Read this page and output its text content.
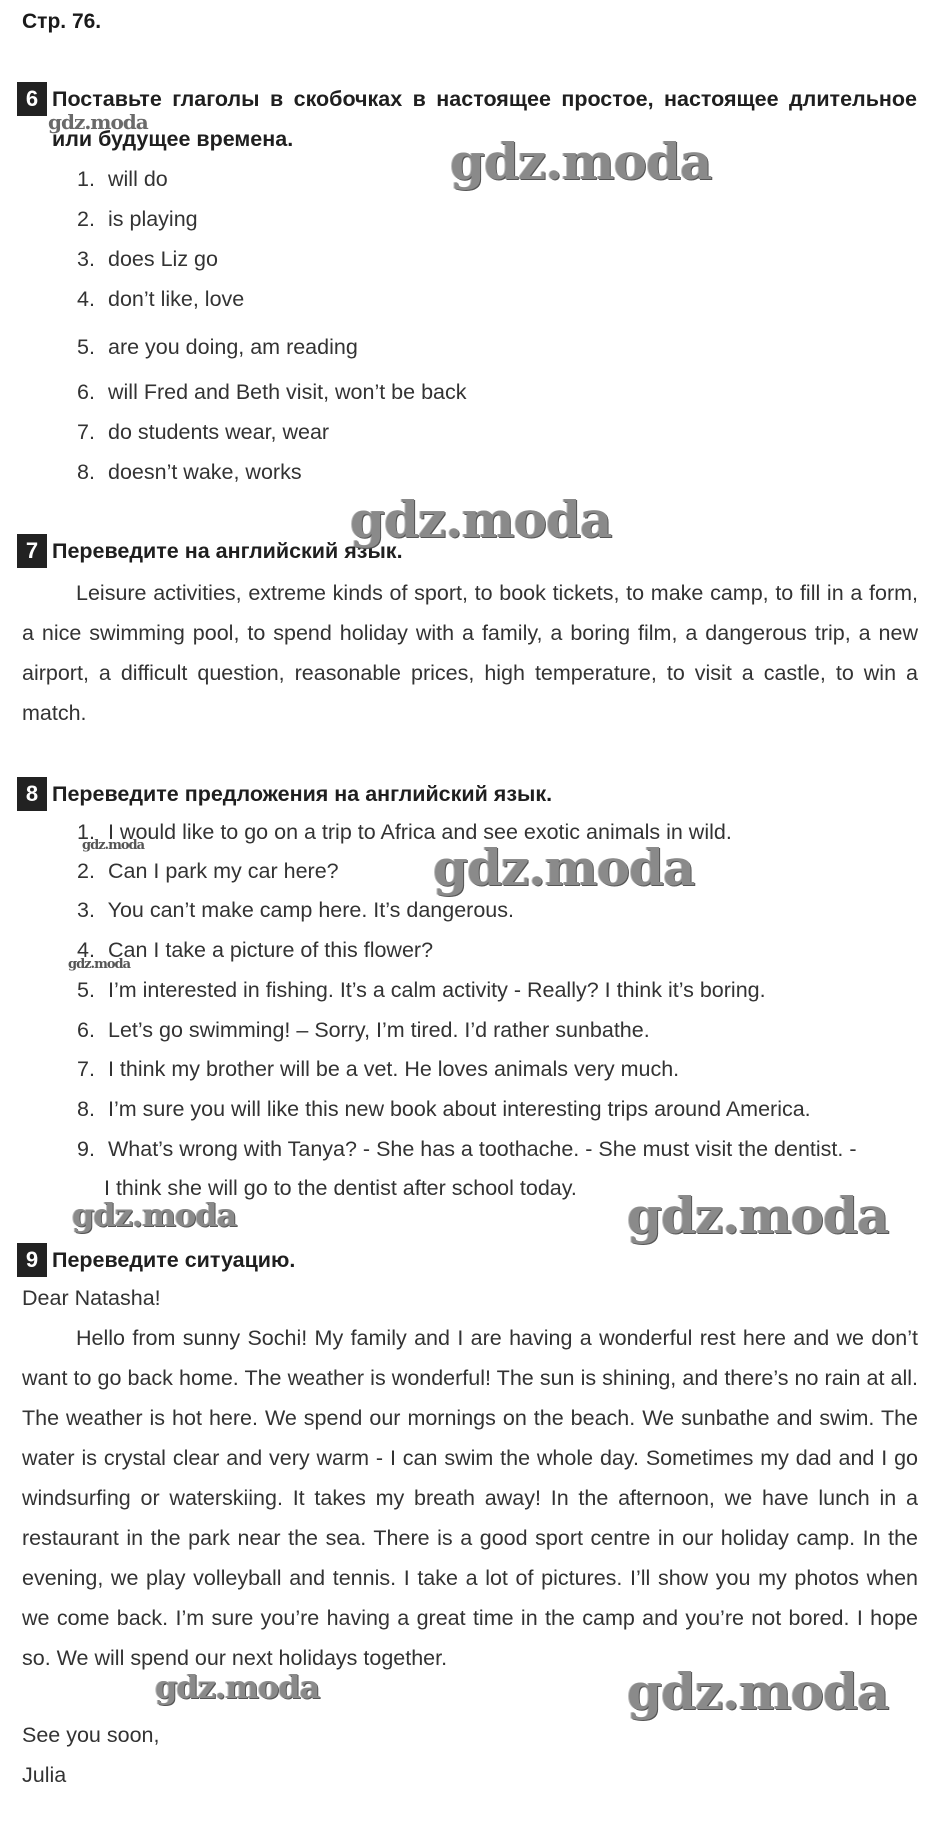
Стр. 76.
6 Поставьте глаголы в скобочках в настоящее простое, настоящее длительное или будущее времена.
1. will do
2. is playing
3. does Liz go
4. don’t like, love
5. are you doing, am reading
6. will Fred and Beth visit, won’t be back
7. do students wear, wear
8. doesn’t wake, works
7 Переведите на английский язык.
Leisure activities, extreme kinds of sport, to book tickets, to make camp, to fill in a form, a nice swimming pool, to spend holiday with a family, a boring film, a dangerous trip, a new airport, a difficult question, reasonable prices, high temperature, to visit a castle, to win a match.
8 Переведите предложения на английский язык.
1. I would like to go on a trip to Africa and see exotic animals in wild.
2. Can I park my car here?
3. You can’t make camp here. It’s dangerous.
4. Can I take a picture of this flower?
5. I’m interested in fishing. It’s a calm activity - Really? I think it’s boring.
6. Let’s go swimming! – Sorry, I’m tired. I’d rather sunbathe.
7. I think my brother will be a vet. He loves animals very much.
8. I’m sure you will like this new book about interesting trips around America.
9. What’s wrong with Tanya? - She has a toothache. - She must visit the dentist. -
I think she will go to the dentist after school today.
9 Переведите ситуацию.
Dear Natasha!
Hello from sunny Sochi! My family and I are having a wonderful rest here and we don’t want to go back home. The weather is wonderful! The sun is shining, and there’s no rain at all. The weather is hot here. We spend our mornings on the beach. We sunbathe and swim. The water is crystal clear and very warm - I can swim the whole day. Sometimes my dad and I go windsurfing or waterskiing. It takes my breath away! In the afternoon, we have lunch in a restaurant in the park near the sea. There is a good sport centre in our holiday camp. In the evening, we play volleyball and tennis. I take a lot of pictures. I’ll show you my photos when we come back. I’m sure you’re having a great time in the camp and you’re not bored. I hope so. We will spend our next holidays together.
See you soon,
Julia
gdz.moda
gdz.moda
gdz.moda
gdz.moda	gdz.moda
gdz.moda
gdz.moda	gdz.moda
gdz.moda	gdz.moda
